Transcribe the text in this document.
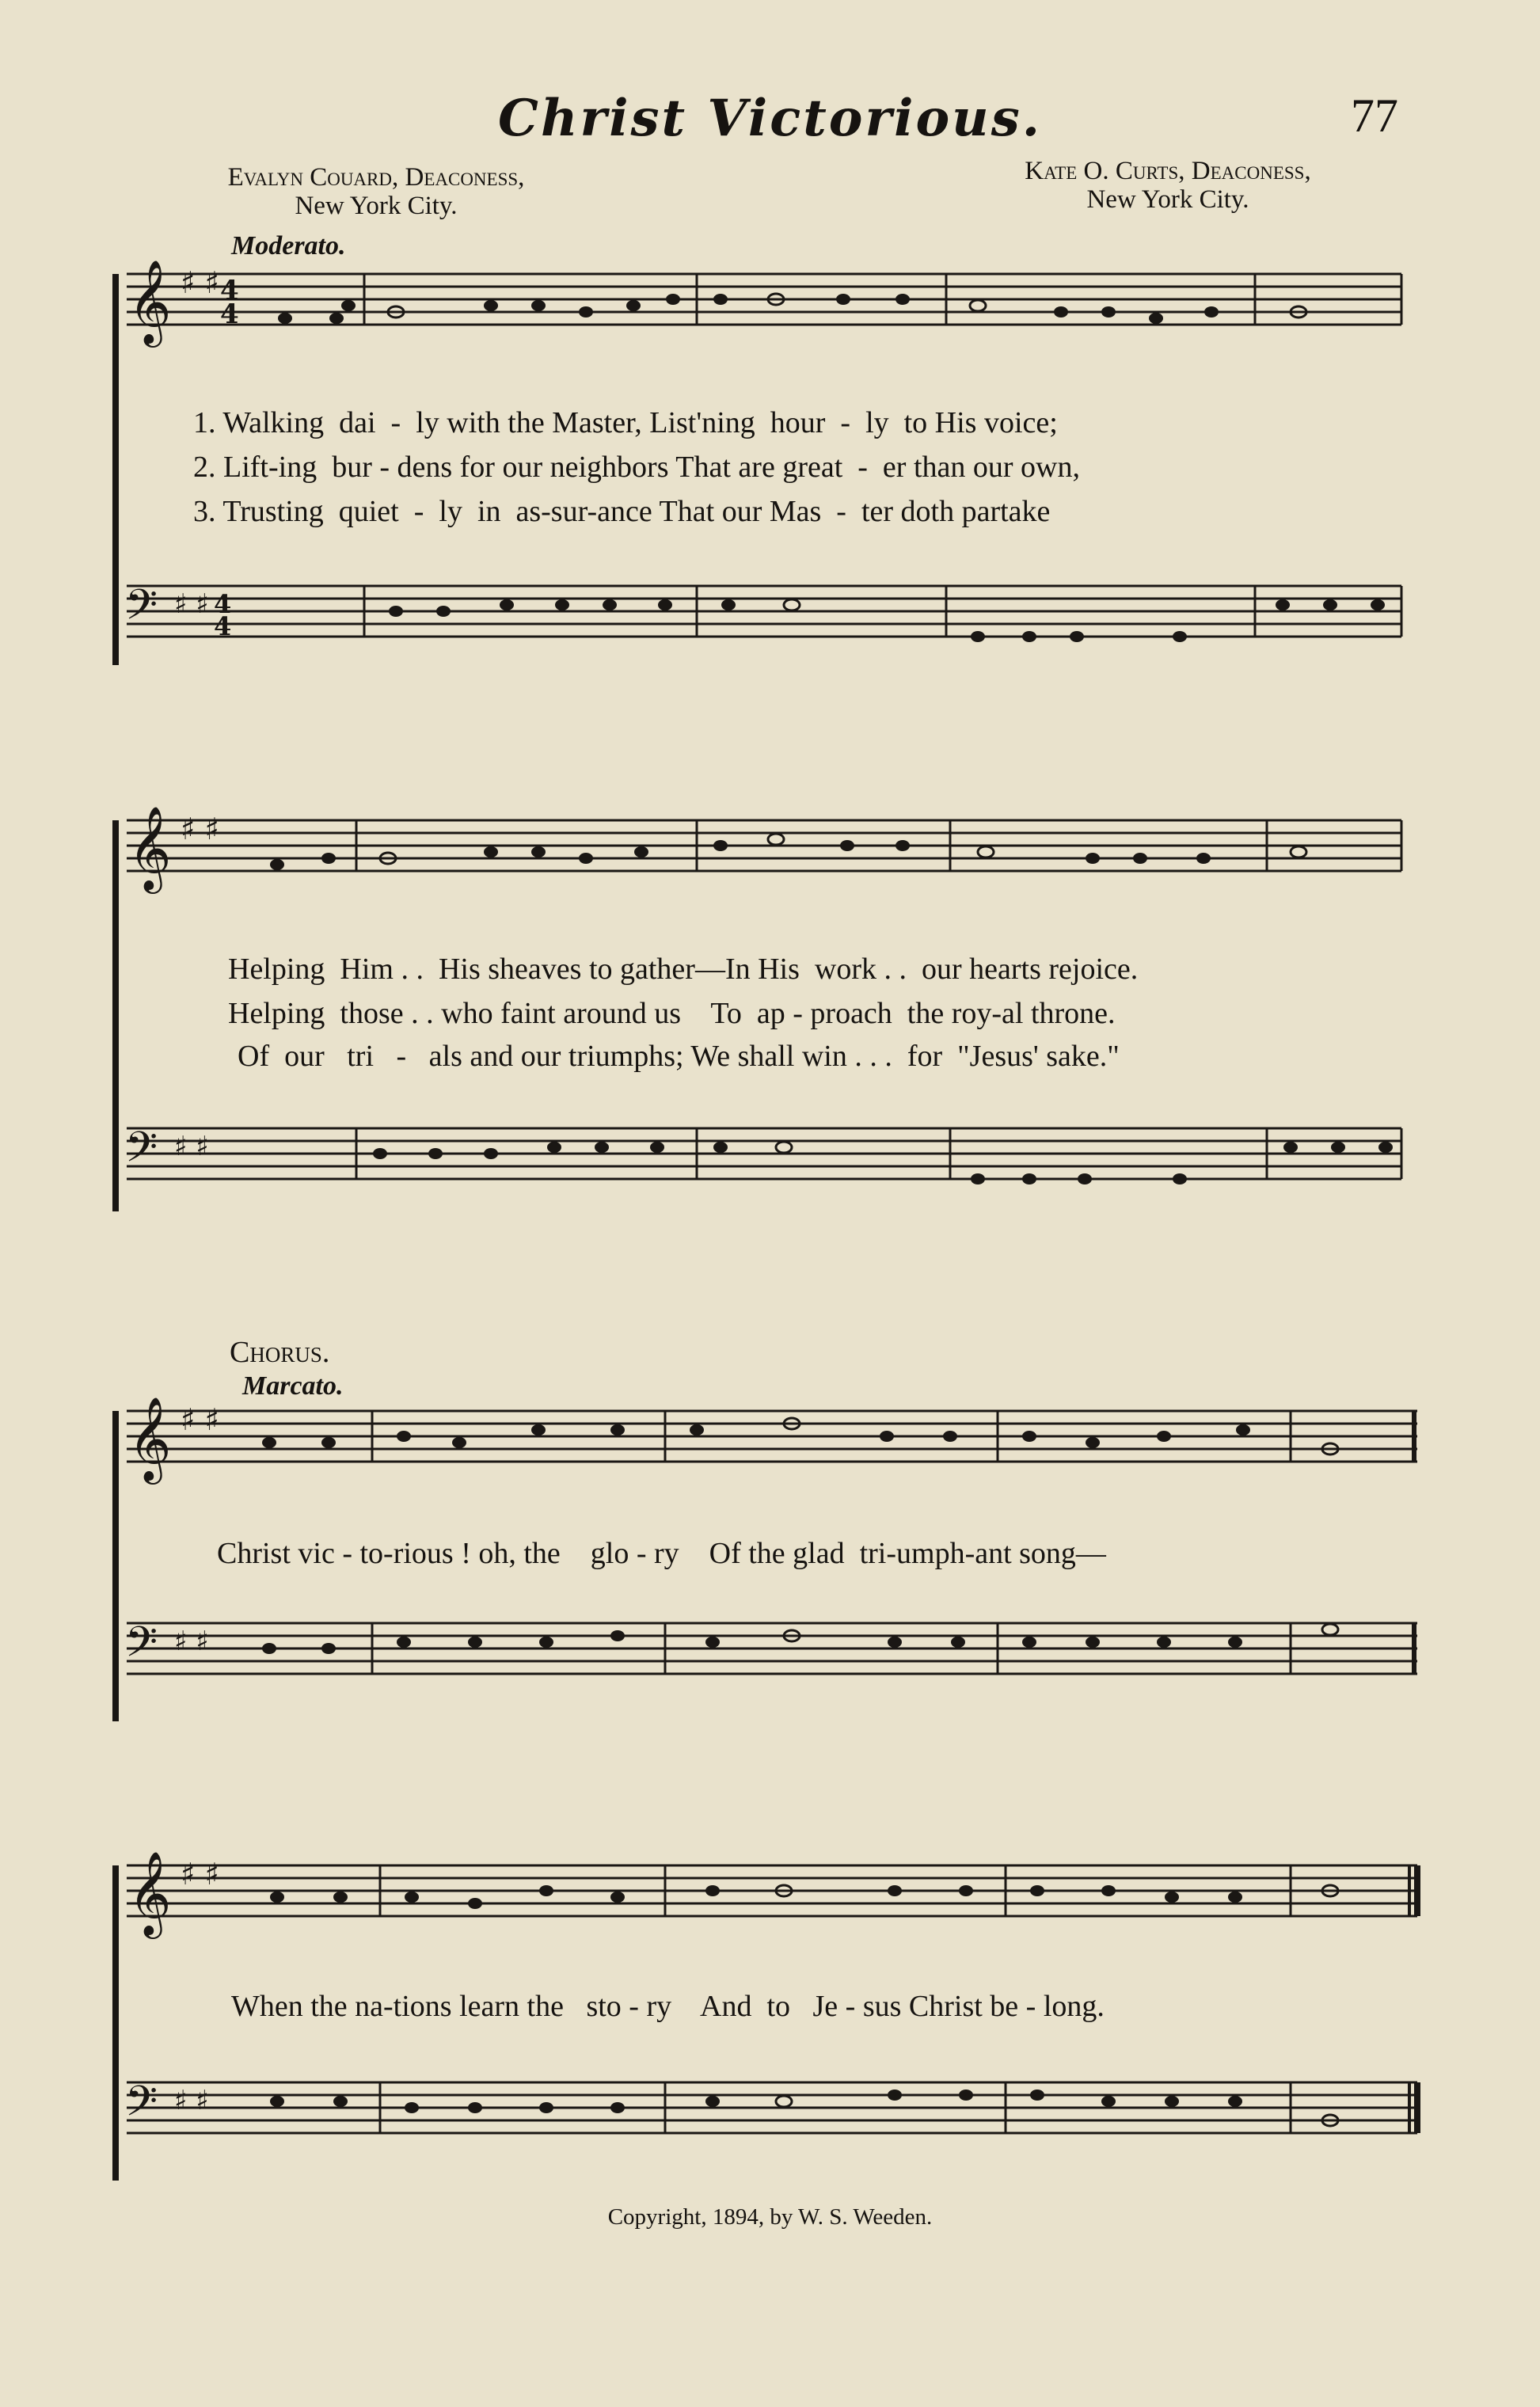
Christ Victorious.	77
Evalyn Couard, Deaconess,
New York City.
Kate O. Curts, Deaconess,
New York City.
Moderato.
𝄞 ♯ ♯ 4
4
1. Walking  dai  -  ly with the Master, List'ning  hour  -  ly  to His voice;
2. Lift-ing  bur - dens for our neighbors That are great  -  er than our own,
3. Trusting  quiet  -  ly  in  as-sur-ance That our Mas  -  ter doth partake
𝄢 ♯ ♯ 4
4
𝄞 ♯ ♯
Helping  Him . .  His sheaves to gather—In His  work . .  our hearts rejoice.
Helping  those . . who faint around us    To  ap - proach  the roy-al throne.
Of  our   tri   -   als and our triumphs; We shall win . . .  for  "Jesus' sake."
𝄢 ♯ ♯
Chorus.
Marcato.
𝄞 ♯ ♯
Christ vic - to-rious ! oh, the    glo - ry    Of the glad  tri-umph-ant song—
𝄢 ♯ ♯
𝄞 ♯ ♯
When the na-tions learn the   sto - ry    And  to   Je - sus Christ be - long.
𝄢 ♯ ♯
Copyright, 1894, by W. S. Weeden.
